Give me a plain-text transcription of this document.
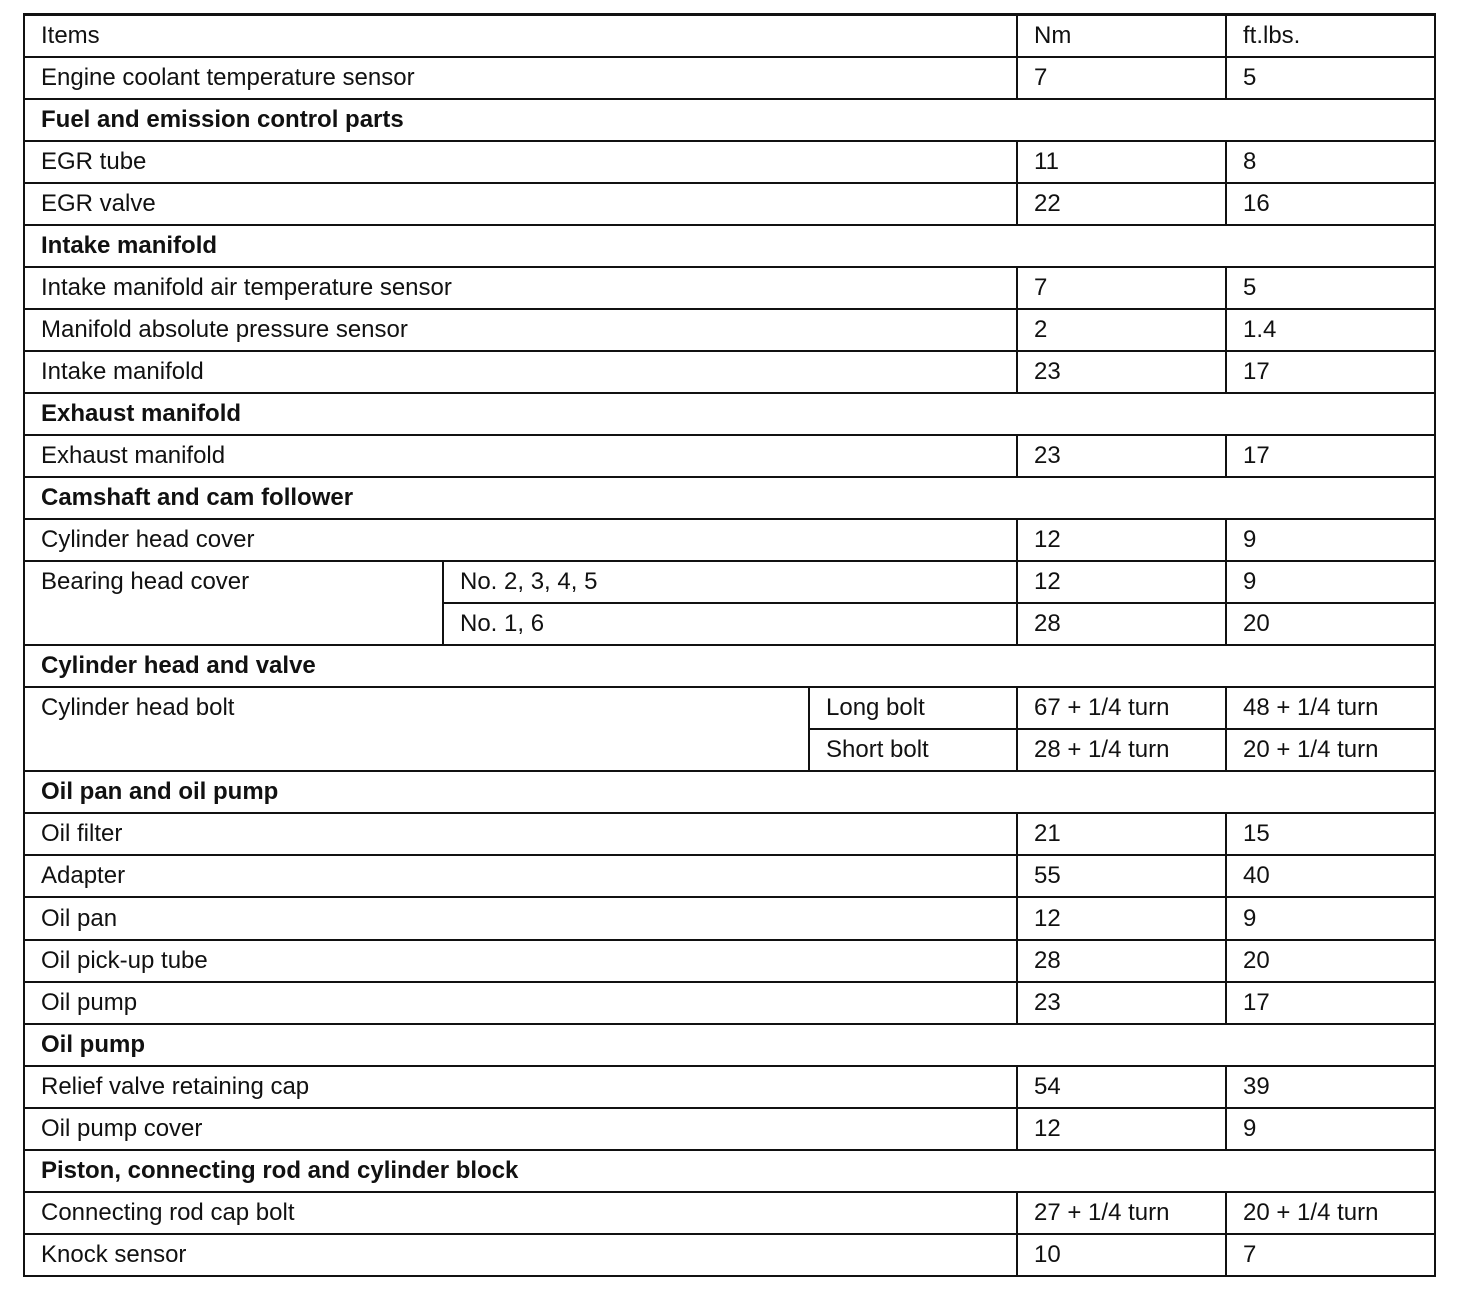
Items			Nm	ft.lbs.
Engine coolant temperature sensor			7	5
Fuel and emission control parts				
EGR tube			11	8
EGR valve			22	16
Intake manifold				
Intake manifold air temperature sensor			7	5
Manifold absolute pressure sensor			2	1.4
Intake manifold			23	17
Exhaust manifold				
Exhaust manifold			23	17
Camshaft and cam follower				
Cylinder head cover			12	9
Bearing head cover	No. 2, 3, 4, 5		12	9
	No. 1, 6		28	20
Cylinder head and valve				
Cylinder head bolt		Long bolt	67 + 1/4 turn	48 + 1/4 turn
		Short bolt	28 + 1/4 turn	20 + 1/4 turn
Oil pan and oil pump				
Oil filter			21	15
Adapter			55	40
Oil pan			12	9
Oil pick-up tube			28	20
Oil pump			23	17
Oil pump				
Relief valve retaining cap			54	39
Oil pump cover			12	9
Piston, connecting rod and cylinder block				
Connecting rod cap bolt			27 + 1/4 turn	20 + 1/4 turn
Knock sensor			10	7
